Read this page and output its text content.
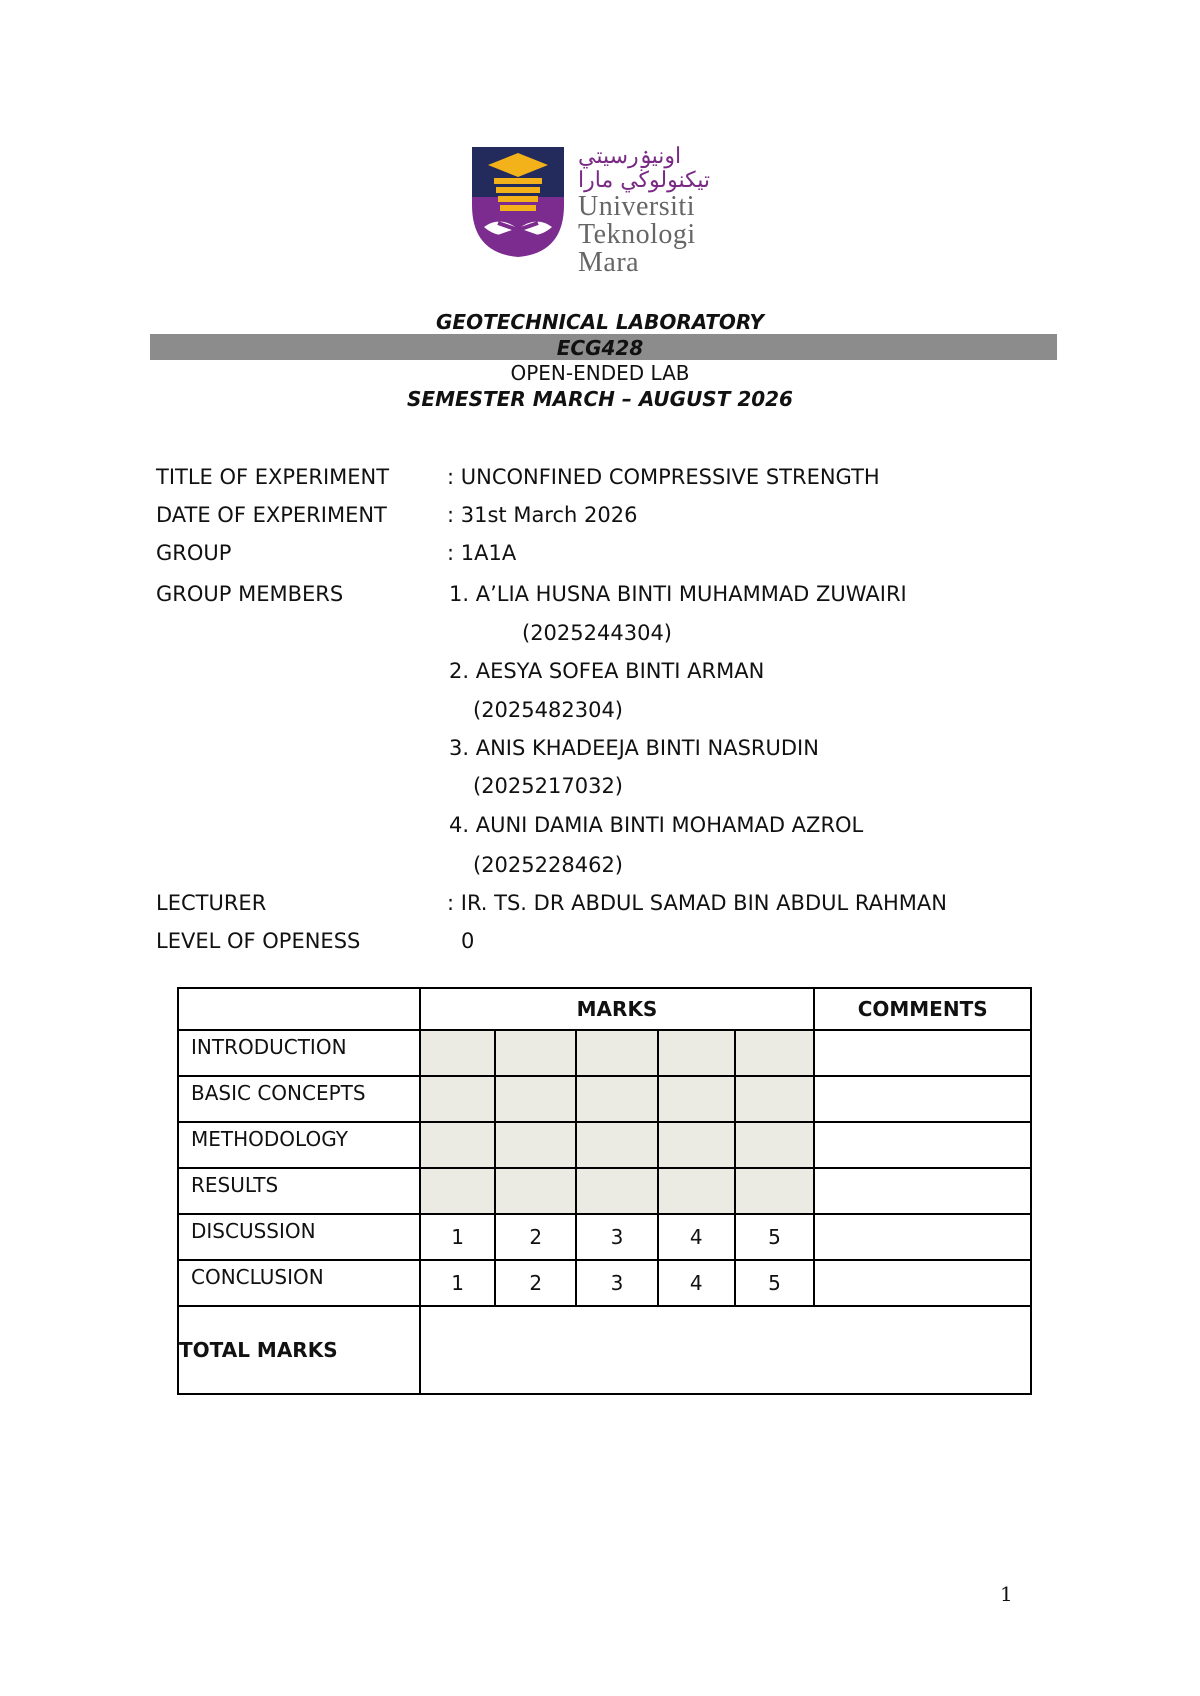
اونيۏرسيتي تيكنولوڬي مارا
Universiti
Teknologi
Mara
GEOTECHNICAL LABORATORY
ECG428
OPEN-ENDED LAB
SEMESTER MARCH – AUGUST 2026
TITLE OF EXPERIMENT	: UNCONFINED COMPRESSIVE STRENGTH
DATE OF EXPERIMENT	: 31st March 2026
GROUP	: 1A1A
GROUP MEMBERS	1. A’LIA HUSNA BINTI MUHAMMAD ZUWAIRI
(2025244304)
2. AESYA SOFEA BINTI ARMAN
(2025482304)
3. ANIS KHADEEJA BINTI NASRUDIN
(2025217032)
4. AUNI DAMIA BINTI MOHAMAD AZROL
(2025228462)
LECTURER	: IR. TS. DR ABDUL SAMAD BIN ABDUL RAHMAN
LEVEL OF OPENESS	0
	MARKS					COMMENTS
INTRODUCTION						
BASIC CONCEPTS						
METHODOLOGY						
RESULTS						
DISCUSSION	1	2	3	4	5	
CONCLUSION	1	2	3	4	5	
TOTAL MARKS						
1
